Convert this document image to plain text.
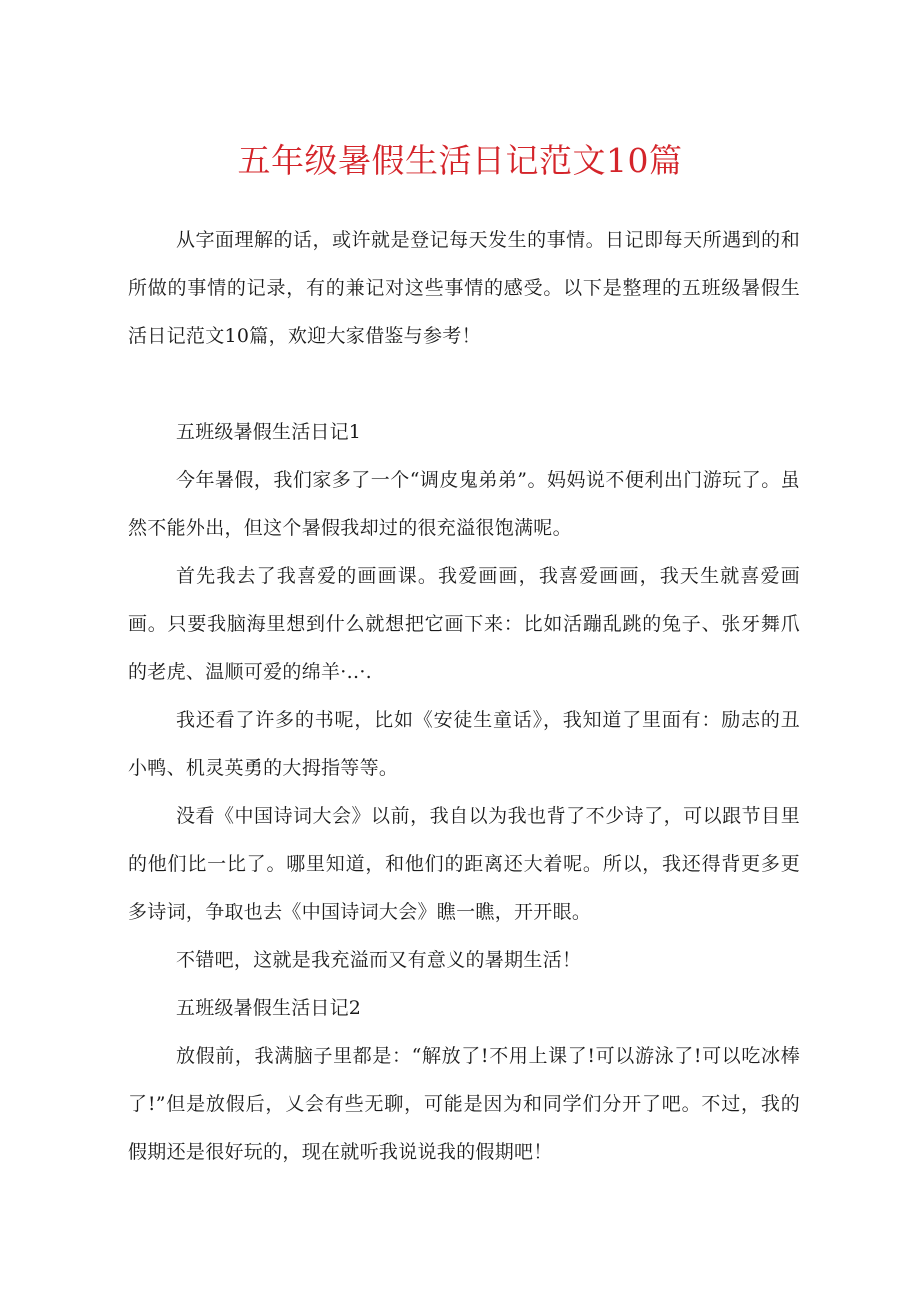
五年级暑假生活日记范文10篇

从字面理解的话，或许就是登记每天发生的事情。日记即每天所遇到的和所做的事情的记录，有的兼记对这些事情的感受。以下是整理的五班级暑假生活日记范文10篇，欢迎大家借鉴与参考！

五班级暑假生活日记1

今年暑假，我们家多了一个“调皮鬼弟弟”。妈妈说不便利出门游玩了。虽然不能外出，但这个暑假我却过的很充溢很饱满呢。

首先我去了我喜爱的画画课。我爱画画，我喜爱画画，我天生就喜爱画画。只要我脑海里想到什么就想把它画下来：比如活蹦乱跳的兔子、张牙舞爪的老虎、温顺可爱的绵羊·..·.

我还看了许多的书呢，比如《安徒生童话》，我知道了里面有：励志的丑小鸭、机灵英勇的大拇指等等。

没看《中国诗词大会》以前，我自以为我也背了不少诗了，可以跟节目里的他们比一比了。哪里知道，和他们的距离还大着呢。所以，我还得背更多更多诗词，争取也去《中国诗词大会》瞧一瞧，开开眼。

不错吧，这就是我充溢而又有意义的暑期生活！

五班级暑假生活日记2

放假前，我满脑子里都是：“解放了!不用上课了!可以游泳了!可以吃冰棒了!”但是放假后，乂会有些无聊，可能是因为和同学们分开了吧。不过，我的假期还是很好玩的，现在就听我说说我的假期吧！
